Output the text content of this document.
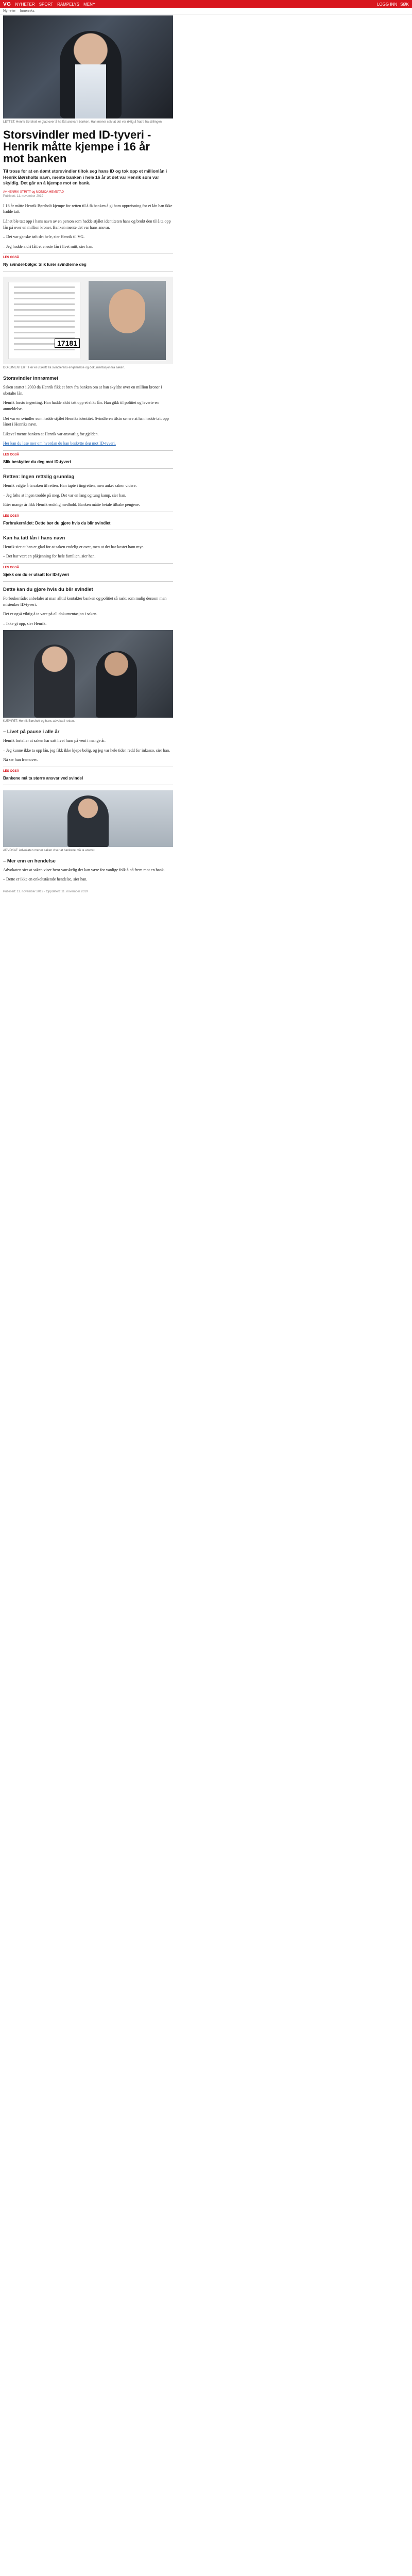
VG NYHETER SPORT RAMPELYS MENY	LOGG INN SØK
Nyheter Innenriks
LETTET: Henrik Børsholt er glad over å ha fått ansvar i banken. Han mener selv at det var riktig å fratre fra stillingen.
Storsvindler med ID-tyveri - Henrik måtte kjempe i 16 år mot banken
Til tross for at en dømt storsvindler tiltok seg hans ID og tok opp et millionlån i Henrik Børsholts navn, mente banken i hele 16 år at det var Henrik som var skyldig. Det går an å kjempe mot en bank.
Av HENRIK STRITT og MONICA HEMSTAD
Publisert: 11. november 2019

I 16 år måtte Henrik Børsholt kjempe for retten til å få banken å gi ham oppreisning for et lån han ikke hadde tatt.

Lånet ble tatt opp i hans navn av en person som hadde stjålet identiteten hans og brukt den til å ta opp lån på over en million kroner. Banken mente det var hans ansvar.

– Det var ganske tøft det hele, sier Henrik til VG.

– Jeg hadde aldri fått et eneste lån i livet mitt, sier han.

LES OGSÅ
Ny svindel-bølge: Slik lurer svindlerne deg
17181
DOKUMENTERT: Her er utskrift fra svindlerens erkjennelse og dokumentasjon fra saken.
Storsvindler innrømmet

Saken startet i 2003 da Henrik fikk et brev fra banken om at han skyldte over en million kroner i ubetalte lån.

Henrik forsto ingenting. Han hadde aldri tatt opp et slikt lån. Han gikk til politiet og leverte en anmeldelse.

Det var en svindler som hadde stjålet Henriks identitet. Svindleren tilsto senere at han hadde tatt opp lånet i Henriks navn.

Likevel mente banken at Henrik var ansvarlig for gjelden.

Her kan du lese mer om hvordan du kan beskytte deg mot ID-tyveri.

LES OGSÅ
Slik beskytter du deg mot ID-tyveri
Retten: Ingen rettslig grunnlag

Henrik valgte å ta saken til retten. Han tapte i tingretten, men anket saken videre.

– Jeg følte at ingen trodde på meg. Det var en lang og tung kamp, sier han.

Etter mange år fikk Henrik endelig medhold. Banken måtte betale tilbake pengene.

LES OGSÅ
Forbrukerrådet: Dette bør du gjøre hvis du blir svindlet
Kan ha tatt lån i hans navn

Henrik sier at han er glad for at saken endelig er over, men at det har kostet ham mye.

– Det har vært en påkjenning for hele familien, sier han.

LES OGSÅ
Sjekk om du er utsatt for ID-tyveri
Dette kan du gjøre hvis du blir svindlet

Forbrukerrådet anbefaler at man alltid kontakter banken og politiet så raskt som mulig dersom man mistenker ID-tyveri.

Det er også viktig å ta vare på all dokumentasjon i saken.

– Ikke gi opp, sier Henrik.

KJEMPET: Henrik Børsholt og hans advokat i retten.
– Livet på pause i alle år

Henrik forteller at saken har satt livet hans på vent i mange år.

– Jeg kunne ikke ta opp lån, jeg fikk ikke kjøpe bolig, og jeg var hele tiden redd for inkasso, sier han.

Nå ser han fremover.

LES OGSÅ
Bankene må ta større ansvar ved svindel
ADVOKAT: Advokaten mener saken viser at bankene må ta ansvar.
– Mer enn en hendelse

Advokaten sier at saken viser hvor vanskelig det kan være for vanlige folk å nå frem mot en bank.

– Dette er ikke en enkeltstående hendelse, sier han.

Publisert: 11. november 2019 · Oppdatert: 11. november 2019
